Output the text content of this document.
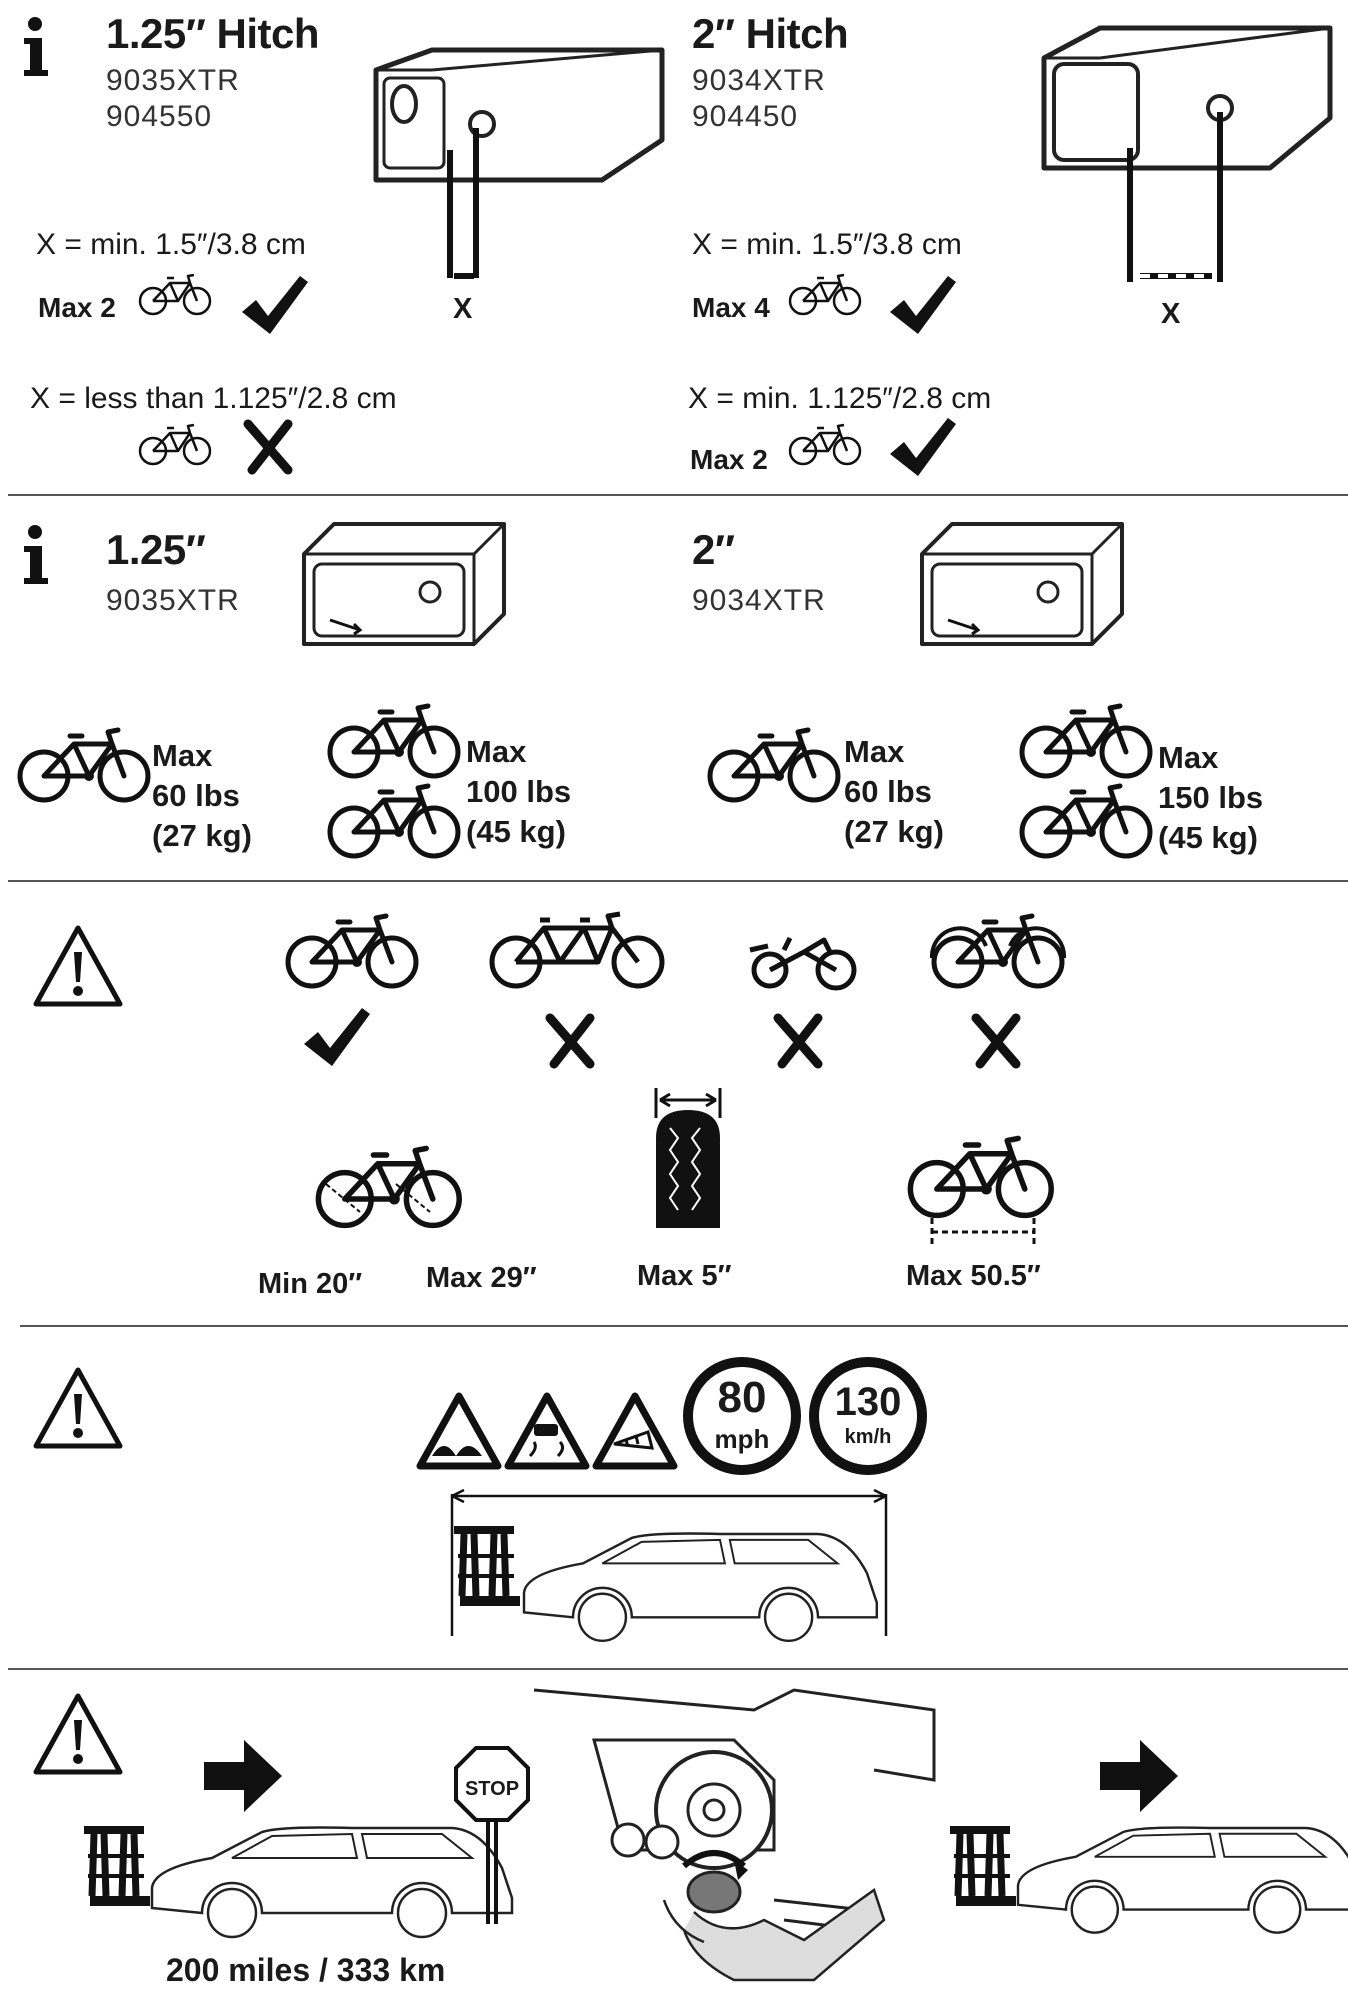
1.25″ Hitch
9035XTR
904550
X
X = min. 1.5″/3.8 cm
Max 2
X = less than 1.125″/2.8 cm
2″ Hitch
9034XTR
904450
X
X = min. 1.5″/3.8 cm
Max 4
X = min. 1.125″/2.8 cm
Max 2
1.25″
9035XTR
2″
9034XTR
Max
60 lbs
(27 kg)
Max
100 lbs
(45 kg)
Max
60 lbs
(27 kg)
Max
150 lbs
(45 kg)
Min 20″ Max 29″	Max 5″	Max 50.5″
80
mph
130
km/h
STOP
200 miles / 333 km
